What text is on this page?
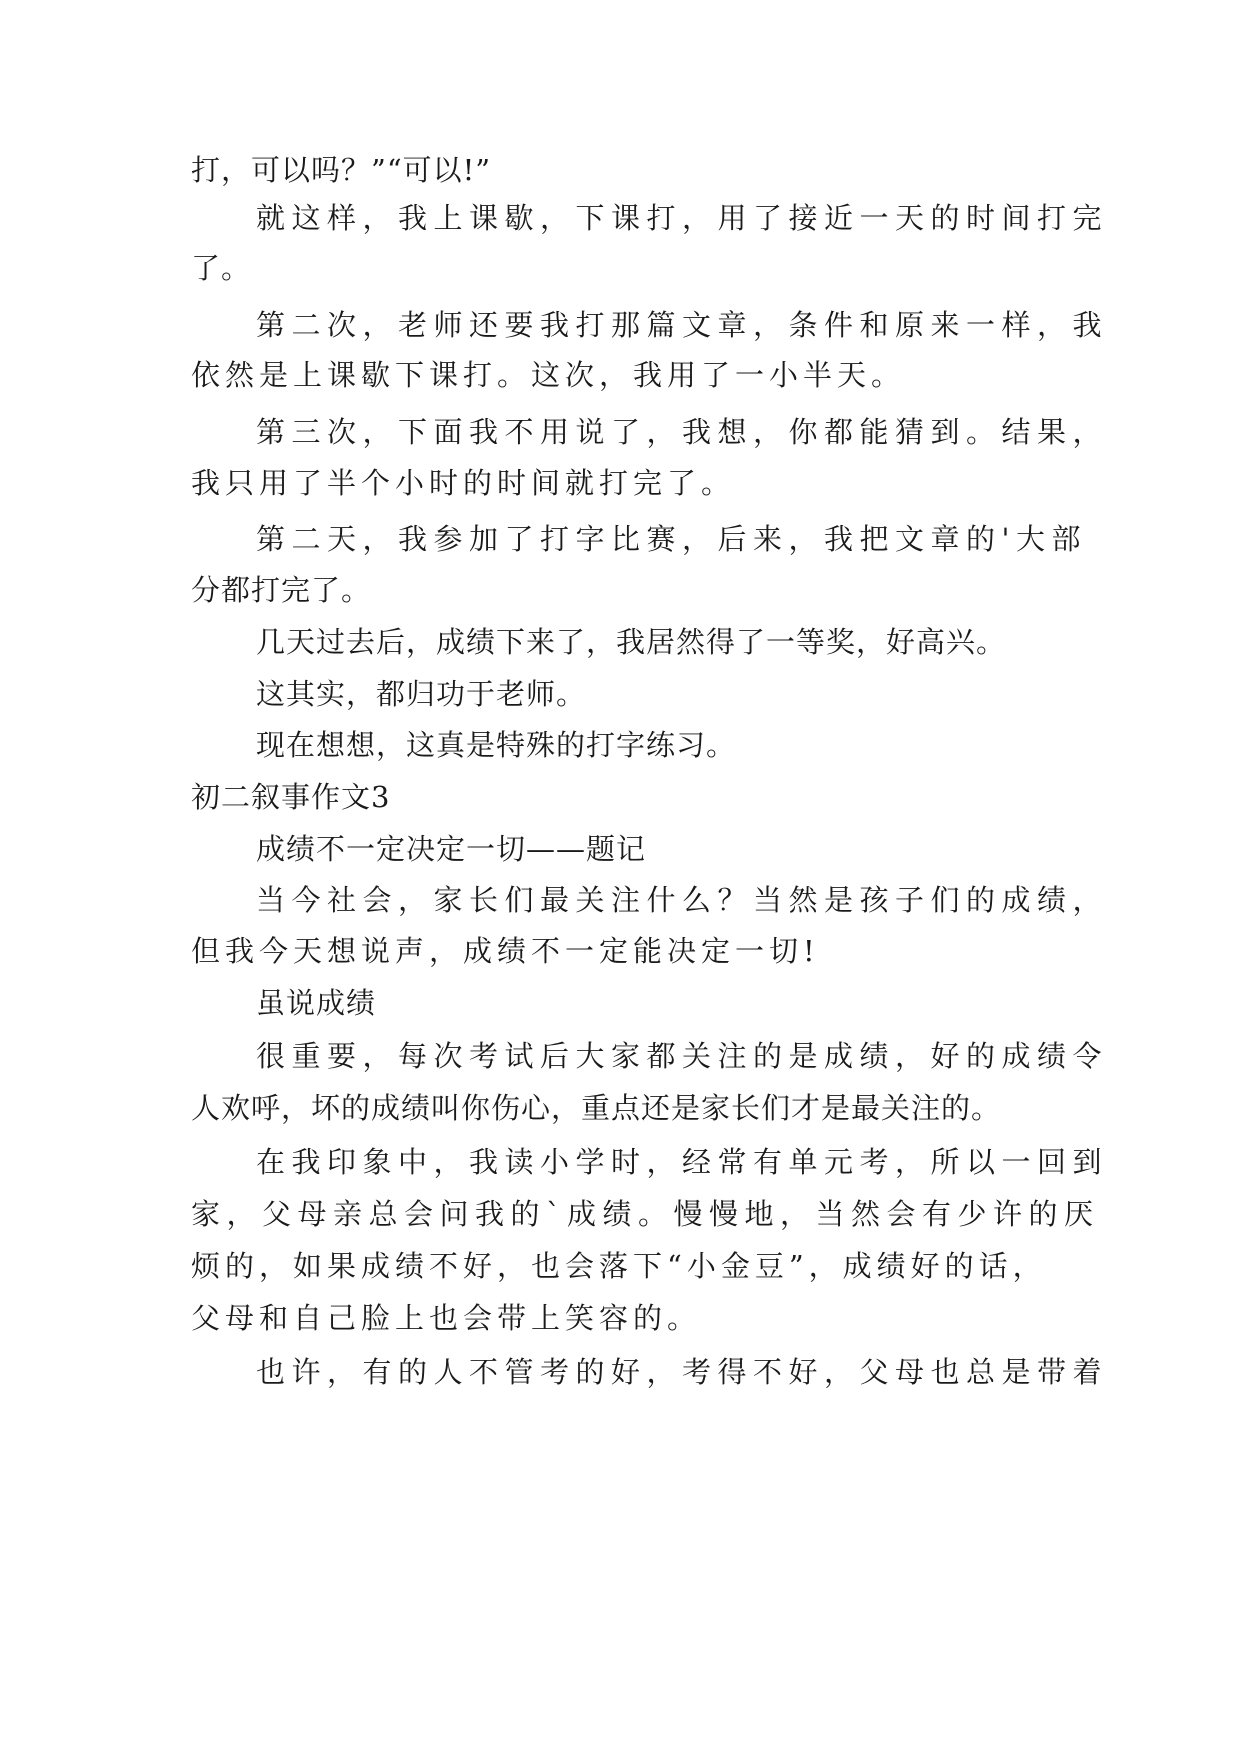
打，可以吗？”“可以!”
就这样，我上课歇，下课打，用了接近一天的时间打完
了。
第二次，老师还要我打那篇文章，条件和原来一样，我
依然是上课歇下课打。这次，我用了一小半天。
第三次，下面我不用说了，我想，你都能猜到。结果，
我只用了半个小时的时间就打完了。
第二天，我参加了打字比赛，后来，我把文章的'大部
分都打完了。
几天过去后，成绩下来了，我居然得了一等奖，好高兴。
这其实，都归功于老师。
现在想想，这真是特殊的打字练习。
初二叙事作文3
成绩不一定决定一切——题记
当今社会，家长们最关注什么？当然是孩子们的成绩，
但我今天想说声，成绩不一定能决定一切!
虽说成绩
很重要，每次考试后大家都关注的是成绩，好的成绩令
人欢呼，坏的成绩叫你伤心，重点还是家长们才是最关注的。
在我印象中，我读小学时，经常有单元考，所以一回到
家，父母亲总会问我的`成绩。慢慢地，当然会有少许的厌
烦的，如果成绩不好，也会落下“小金豆”，成绩好的话，
父母和自己脸上也会带上笑容的。
也许，有的人不管考的好，考得不好，父母也总是带着
